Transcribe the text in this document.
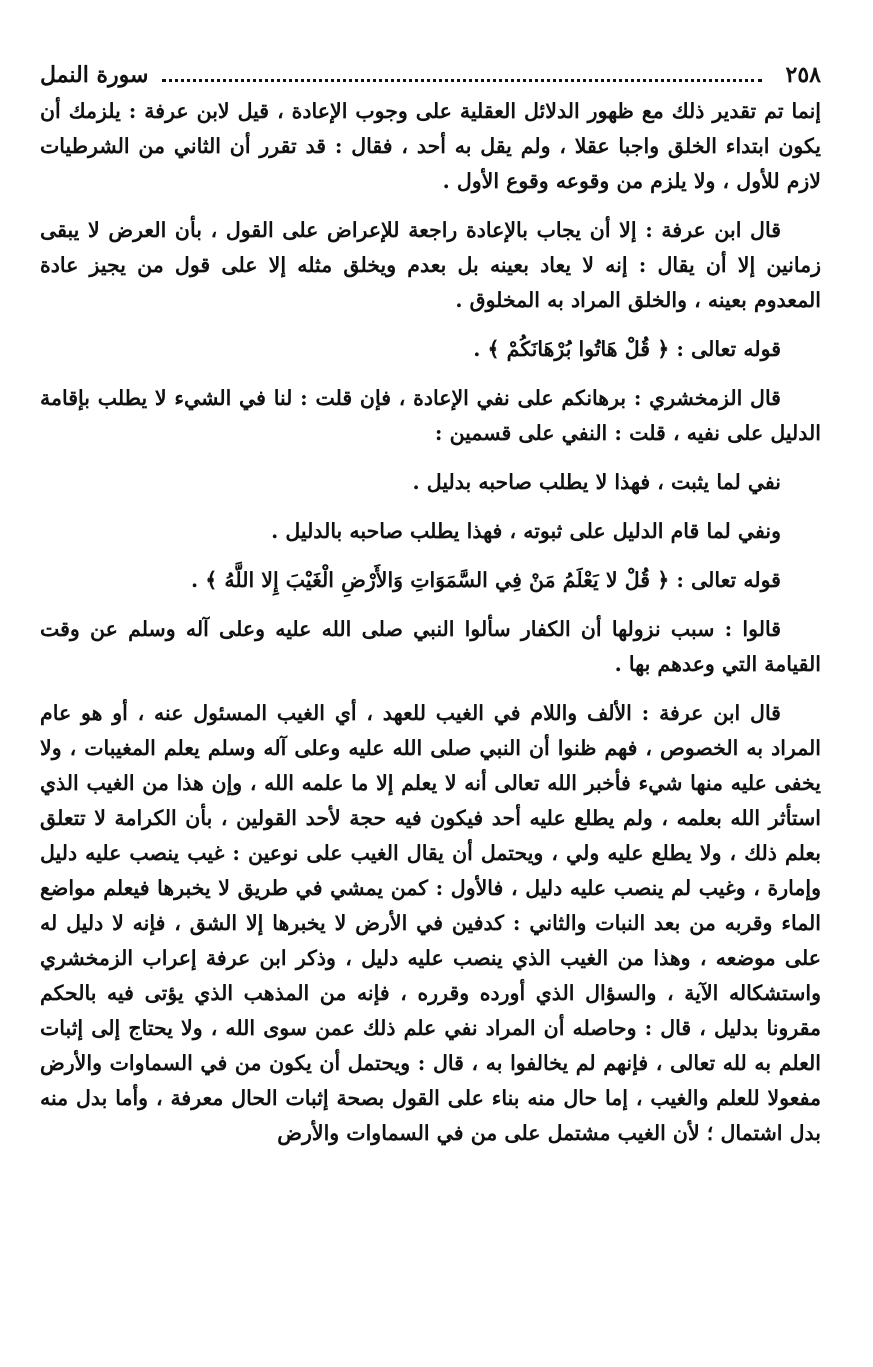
٢٥٨
سورة النمل

إنما تم تقدير ذلك مع ظهور الدلائل العقلية على وجوب الإعادة ، قيل لابن عرفة : يلزمك أن يكون ابتداء الخلق واجبا عقلا ، ولم يقل به أحد ، فقال : قد تقرر أن الثاني من الشرطيات لازم للأول ، ولا يلزم من وقوعه وقوع الأول .

قال ابن عرفة : إلا أن يجاب بالإعادة راجعة للإعراض على القول ، بأن العرض لا يبقى زمانين إلا أن يقال : إنه لا يعاد بعينه بل بعدم ويخلق مثله إلا على قول من يجيز عادة المعدوم بعينه ، والخلق المراد به المخلوق .

قوله تعالى : ﴿ قُلْ هَاتُوا بُرْهَانَكُمْ ﴾ .

قال الزمخشري : برهانكم على نفي الإعادة ، فإن قلت : لنا في الشيء لا يطلب بإقامة الدليل على نفيه ، قلت : النفي على قسمين :

نفي لما يثبت ، فهذا لا يطلب صاحبه بدليل .

ونفي لما قام الدليل على ثبوته ، فهذا يطلب صاحبه بالدليل .

قوله تعالى : ﴿ قُلْ لا يَعْلَمُ مَنْ فِي السَّمَوَاتِ وَالأَرْضِ الْغَيْبَ إِلا اللَّهُ ﴾ .

قالوا : سبب نزولها أن الكفار سألوا النبي صلى الله عليه وعلى آله وسلم عن وقت القيامة التي وعدهم بها .

قال ابن عرفة : الألف واللام في الغيب للعهد ، أي الغيب المسئول عنه ، أو هو عام المراد به الخصوص ، فهم ظنوا أن النبي صلى الله عليه وعلى آله وسلم يعلم المغيبات ، ولا يخفى عليه منها شيء فأخبر الله تعالى أنه لا يعلم إلا ما علمه الله ، وإن هذا من الغيب الذي استأثر الله بعلمه ، ولم يطلع عليه أحد فيكون فيه حجة لأحد القولين ، بأن الكرامة لا تتعلق بعلم ذلك ، ولا يطلع عليه ولي ، ويحتمل أن يقال الغيب على نوعين : غيب ينصب عليه دليل وإمارة ، وغيب لم ينصب عليه دليل ، فالأول : كمن يمشي في طريق لا يخبرها فيعلم مواضع الماء وقربه من بعد النبات والثاني : كدفين في الأرض لا يخبرها إلا الشق ، فإنه لا دليل له على موضعه ، وهذا من الغيب الذي ينصب عليه دليل ، وذكر ابن عرفة إعراب الزمخشري واستشكاله الآية ، والسؤال الذي أورده وقرره ، فإنه من المذهب الذي يؤتى فيه بالحكم مقرونا بدليل ، قال : وحاصله أن المراد نفي علم ذلك عمن سوى الله ، ولا يحتاج إلى إثبات العلم به لله تعالى ، فإنهم لم يخالفوا به ، قال : ويحتمل أن يكون من في السماوات والأرض مفعولا للعلم والغيب ، إما حال منه بناء على القول بصحة إثبات الحال معرفة ، وأما بدل منه بدل اشتمال ؛ لأن الغيب مشتمل على من في السماوات والأرض
